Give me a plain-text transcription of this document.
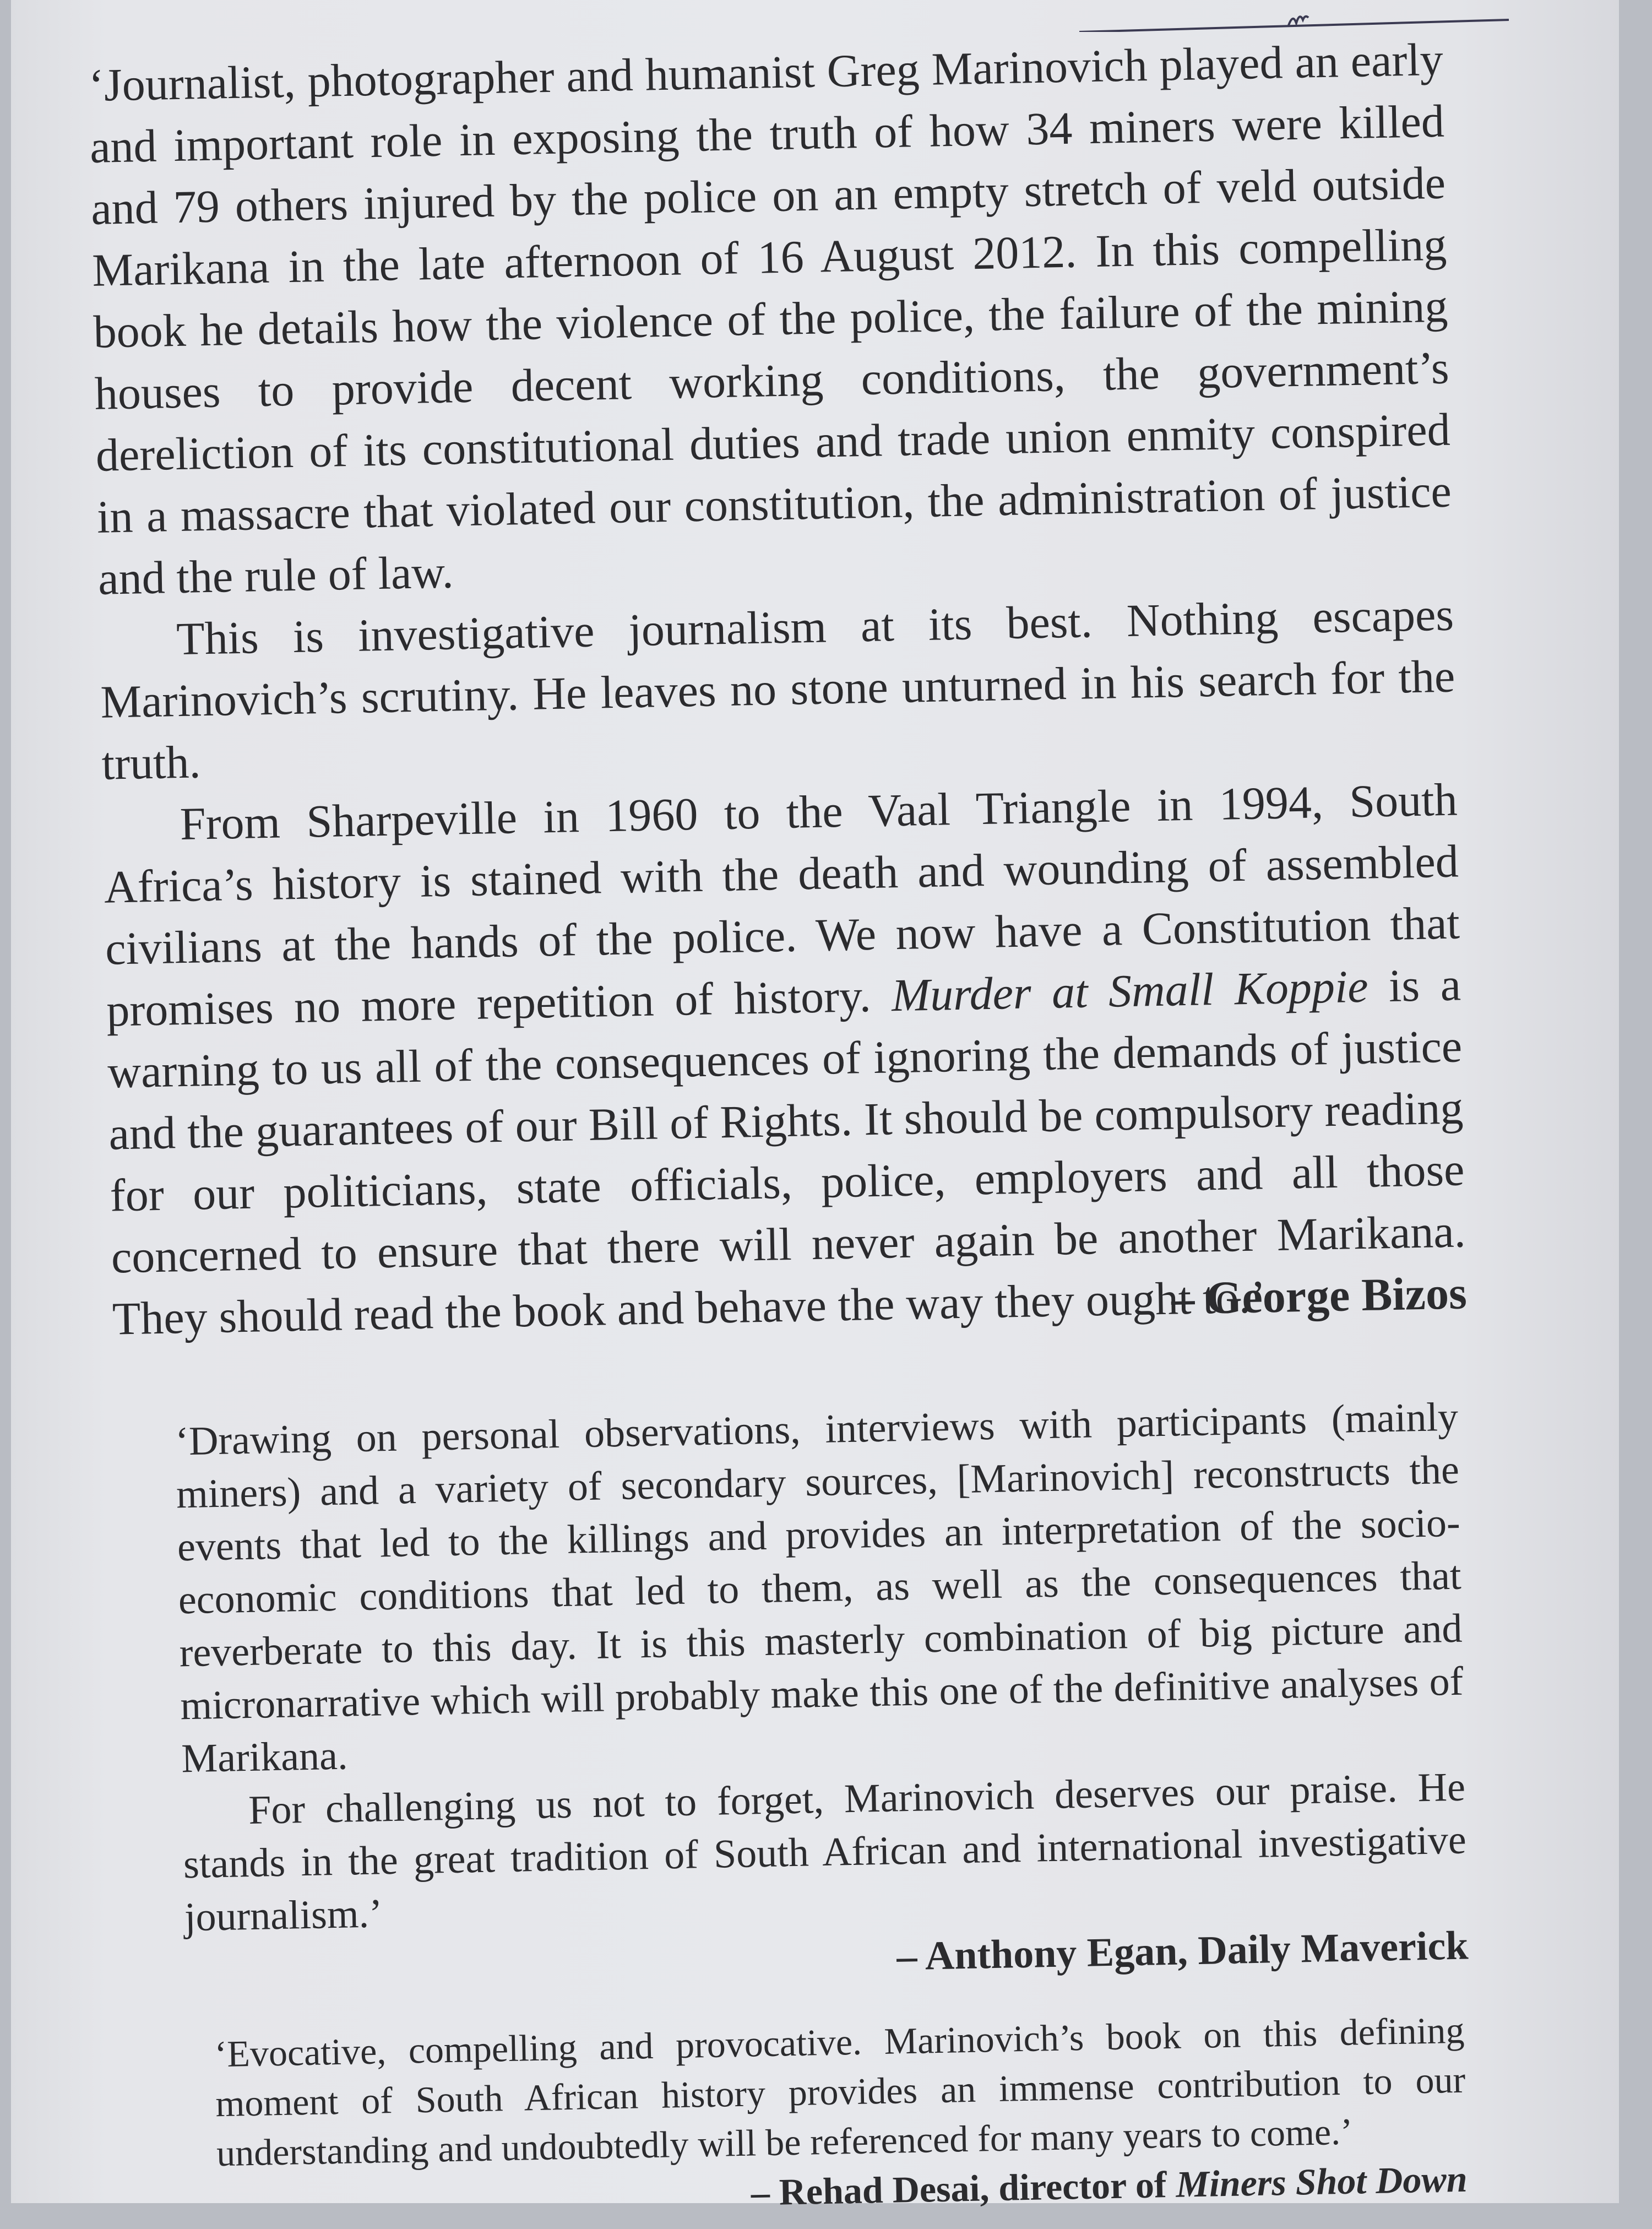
‘Journalist, photographer and humanist Greg Marinovich played an early and important role in exposing the truth of how 34 miners were killed and 79 others injured by the police on an empty stretch of veld outside Marikana in the late afternoon of 16 August 2012. In this compelling book he details how the violence of the police, the failure of the mining houses to provide decent working conditions, the government’s dereliction of its constitutional duties and trade union enmity conspired in a massacre that violated our constitution, the administration of justice and the rule of law.

This is investigative journalism at its best. Nothing escapes Marinovich’s scrutiny. He leaves no stone unturned in his search for the truth.

From Sharpeville in 1960 to the Vaal Triangle in 1994, South Africa’s history is stained with the death and wounding of assembled civilians at the hands of the police. We now have a Constitution that promises no more repetition of history. Murder at Small Koppie is a warning to us all of the consequences of ignoring the demands of justice and the guarantees of our Bill of Rights. It should be compulsory reading for our politicians, state officials, police, employers and all those concerned to ensure that there will never again be another Marikana. They should read the book and behave the way they ought to.’

– George Bizos

‘Drawing on personal observations, interviews with participants (mainly miners) and a variety of secondary sources, [Marinovich] reconstructs the events that led to the killings and provides an interpretation of the socio-economic conditions that led to them, as well as the consequences that reverberate to this day. It is this masterly combination of big picture and micronarrative which will probably make this one of the definitive analyses of Marikana.

For challenging us not to forget, Marinovich deserves our praise. He stands in the great tradition of South African and international investigative journalism.’

– Anthony Egan, Daily Maverick

‘Evocative, compelling and provocative. Marinovich’s book on this defining moment of South African history provides an immense contribution to our understanding and undoubtedly will be referenced for many years to come.’

– Rehad Desai, director of Miners Shot Down
